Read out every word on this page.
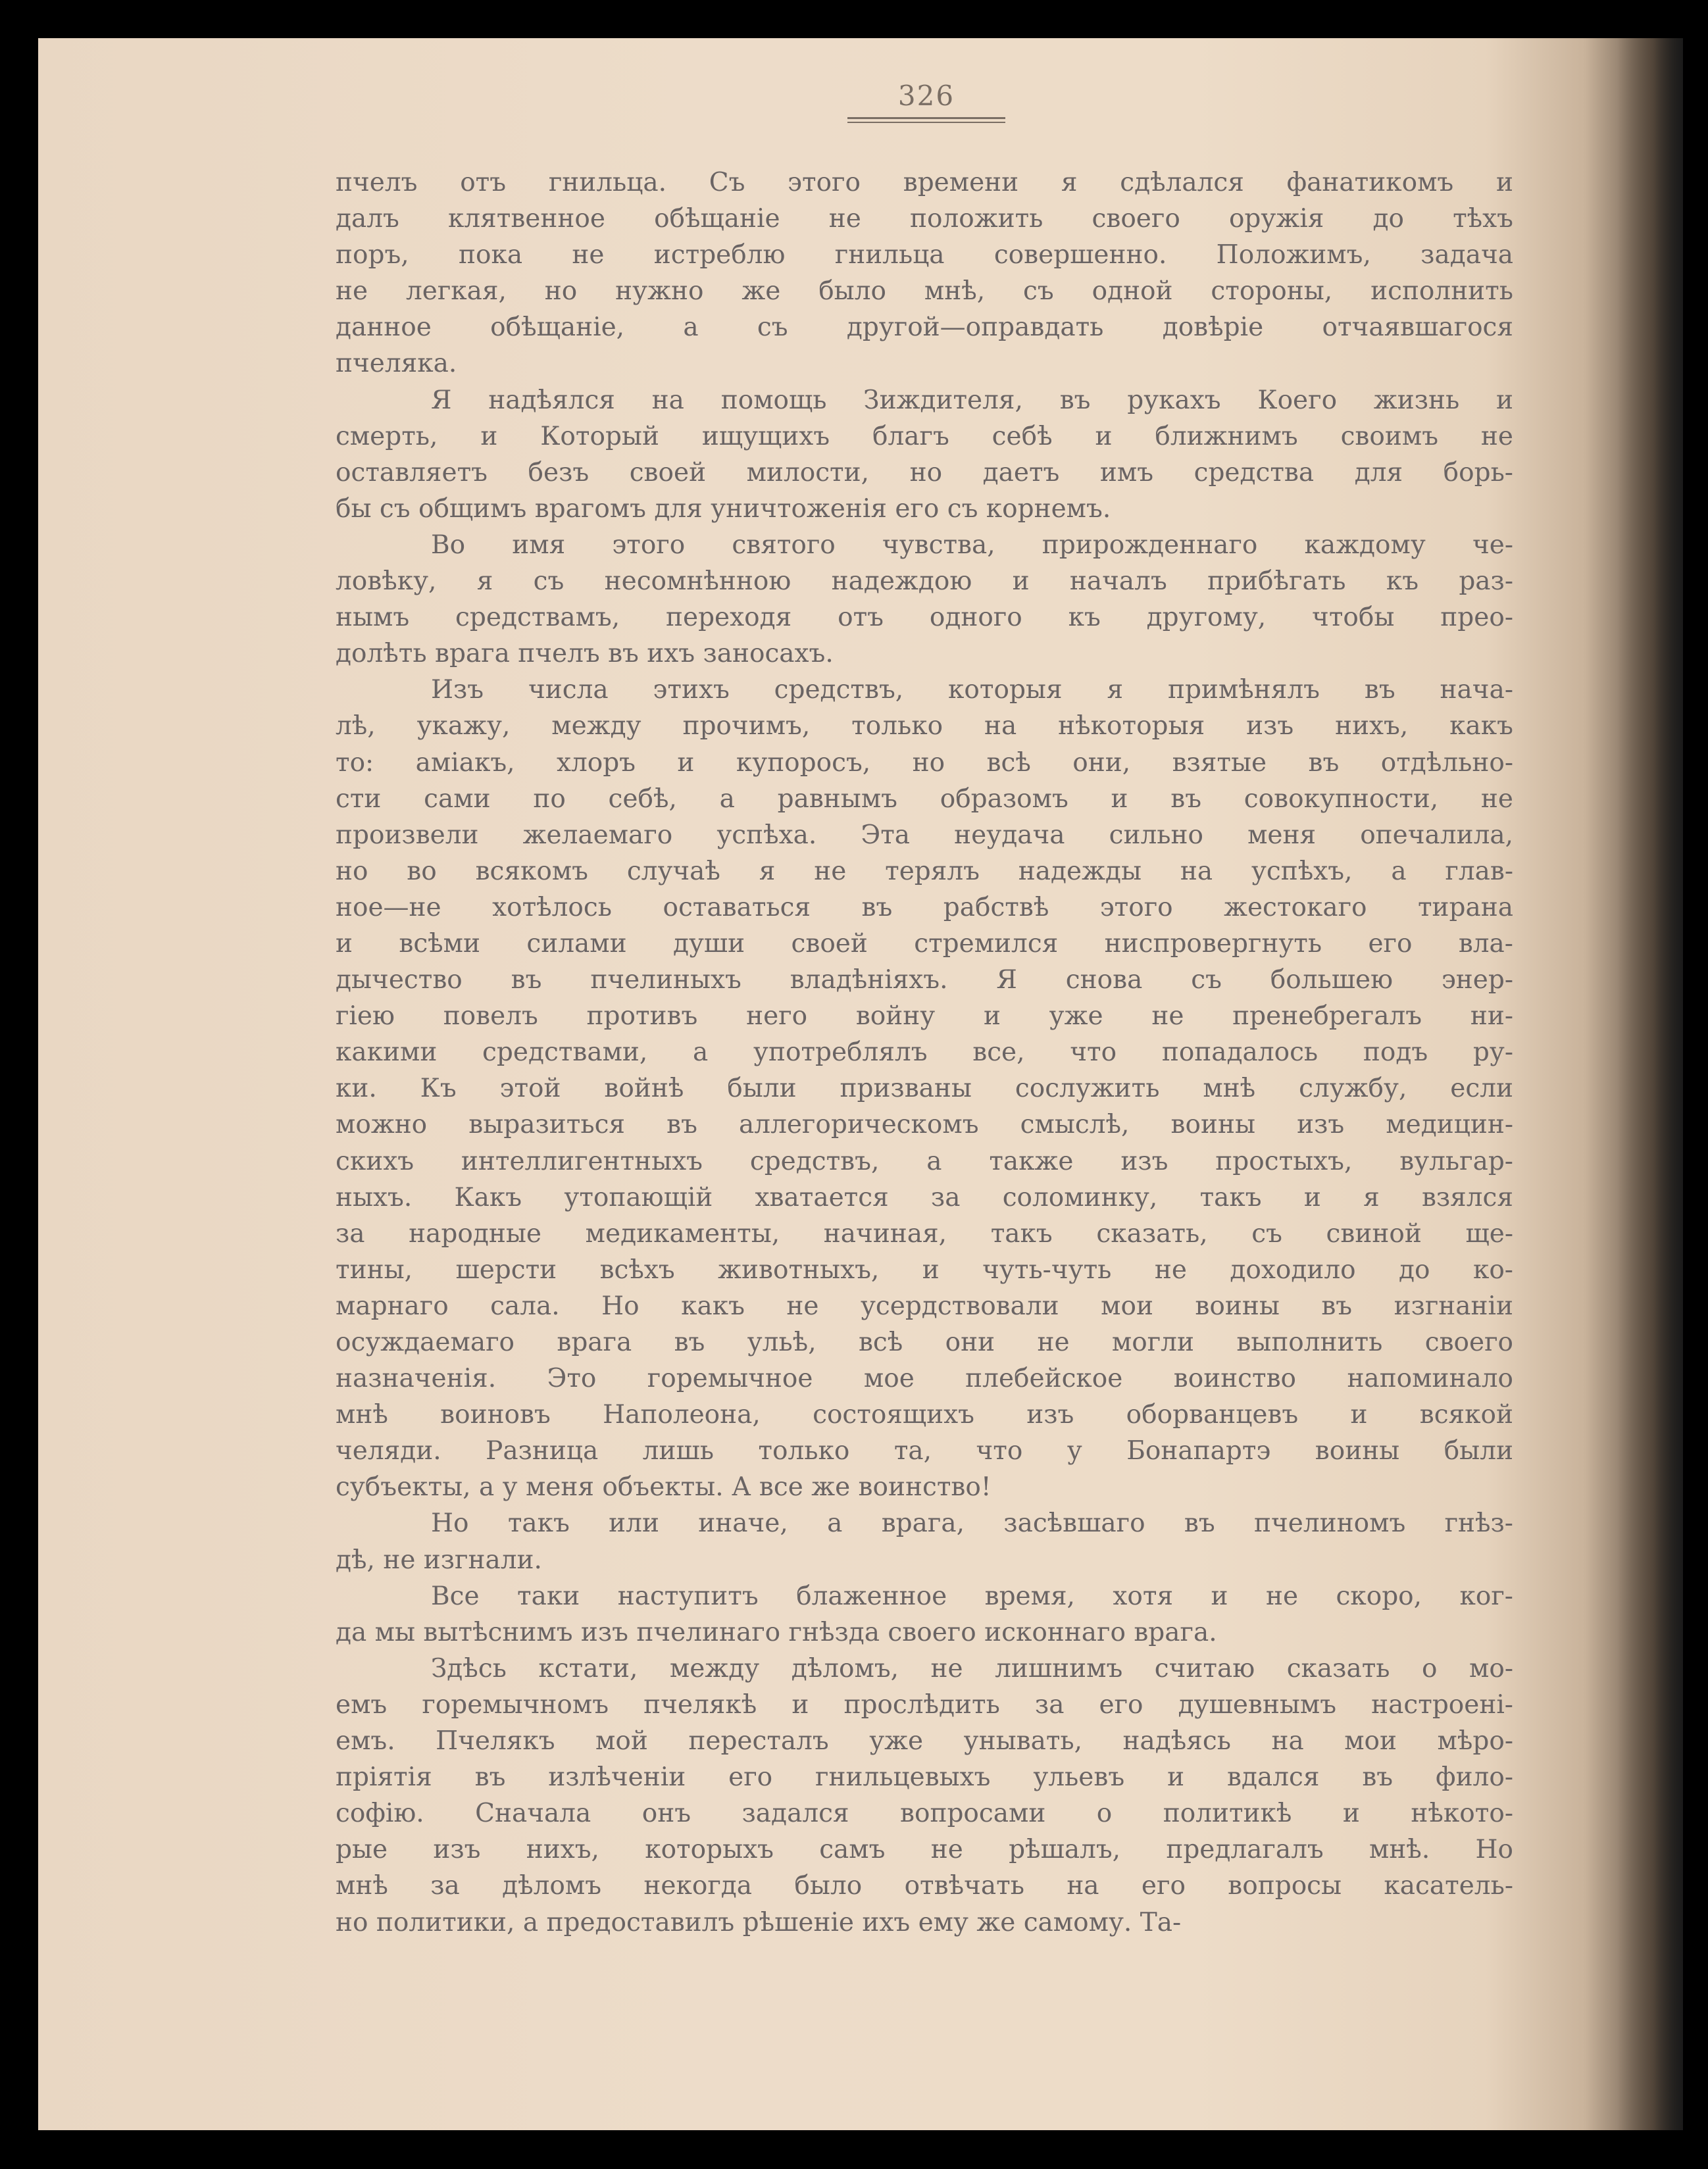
326

пчелъ отъ гнильца. Съ этого времени я сдѣлался фанатикомъ и
далъ клятвенное обѣщаніе не положить своего оружія до тѣхъ
поръ, пока не истреблю гнильца совершенно. Положимъ, задача
не легкая, но нужно же было мнѣ, съ одной стороны, исполнить
данное обѣщаніе, а съ другой—оправдать довѣріе отчаявшагося
пчеляка.

Я надѣялся на помощь Зиждителя, въ рукахъ Коего жизнь и
смерть, и Который ищущихъ благъ себѣ и ближнимъ своимъ не
оставляетъ безъ своей милости, но даетъ имъ средства для борь-
бы съ общимъ врагомъ для уничтоженія его съ корнемъ.

Во имя этого святого чувства, прирожденнаго каждому че-
ловѣку, я съ несомнѣнною надеждою и началъ прибѣгать къ раз-
нымъ средствамъ, переходя отъ одного къ другому, чтобы прео-
долѣть врага пчелъ въ ихъ заносахъ.

Изъ числа этихъ средствъ, которыя я примѣнялъ въ нача-
лѣ, укажу, между прочимъ, только на нѣкоторыя изъ нихъ, какъ
то: аміакъ, хлоръ и купоросъ, но всѣ они, взятые въ отдѣльно-
сти сами по себѣ, а равнымъ образомъ и въ совокупности, не
произвели желаемаго успѣха. Эта неудача сильно меня опечалила,
но во всякомъ случаѣ я не терялъ надежды на успѣхъ, а глав-
ное—не хотѣлось оставаться въ рабствѣ этого жестокаго тирана
и всѣми силами души своей стремился ниспровергнуть его вла-
дычество въ пчелиныхъ владѣніяхъ. Я снова съ большею энер-
гіею повелъ противъ него войну и уже не пренебрегалъ ни-
какими средствами, а употреблялъ все, что попадалось подъ ру-
ки. Къ этой войнѣ были призваны сослужить мнѣ службу, если
можно выразиться въ аллегорическомъ смыслѣ, воины изъ медицин-
скихъ интеллигентныхъ средствъ, а также изъ простыхъ, вульгар-
ныхъ. Какъ утопающій хватается за соломинку, такъ и я взялся
за народные медикаменты, начиная, такъ сказать, съ свиной ще-
тины, шерсти всѣхъ животныхъ, и чуть-чуть не доходило до ко-
марнаго сала. Но какъ не усердствовали мои воины въ изгнаніи
осуждаемаго врага въ ульѣ, всѣ они не могли выполнить своего
назначенія. Это горемычное мое плебейское воинство напоминало
мнѣ воиновъ Наполеона, состоящихъ изъ оборванцевъ и всякой
челяди. Разница лишь только та, что у Бонапартэ воины были
субъекты, а у меня объекты. А все же воинство!

Но такъ или иначе, а врага, засѣвшаго въ пчелиномъ гнѣз-
дѣ, не изгнали.

Все таки наступитъ блаженное время, хотя и не скоро, ког-
да мы вытѣснимъ изъ пчелинаго гнѣзда своего исконнаго врага.

Здѣсь кстати, между дѣломъ, не лишнимъ считаю сказать о мо-
емъ горемычномъ пчелякѣ и прослѣдить за его душевнымъ настроені-
емъ. Пчелякъ мой пересталъ уже унывать, надѣясь на мои мѣро-
пріятія въ излѣченіи его гнильцевыхъ ульевъ и вдался въ фило-
софію. Сначала онъ задался вопросами о политикѣ и нѣкото-
рые изъ нихъ, которыхъ самъ не рѣшалъ, предлагалъ мнѣ. Но
мнѣ за дѣломъ некогда было отвѣчать на его вопросы касатель-
но политики, а предоставилъ рѣшеніе ихъ ему же самому. Та-
